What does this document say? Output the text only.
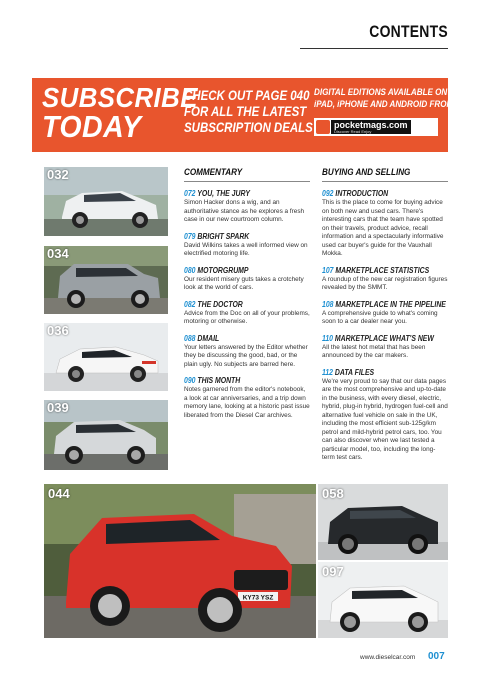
CONTENTS
SUBSCRIBE
TODAY
CHECK OUT PAGE 040
FOR ALL THE LATEST
SUBSCRIPTION DEALS
DIGITAL EDITIONS AVAILABLE ON
iPAD, iPHONE AND ANDROID FROM
pocketmags.com
Discover Read Enjoy
032
034
036
039
COMMENTARY
072 YOU, THE JURY
Simon Hacker dons a wig, and an authoritative stance as he explores a fresh case in our new courtroom column.
079 BRIGHT SPARK
David Wilkins takes a well informed view on electrified motoring life.
080 MOTORGRUMP
Our resident misery guts takes a crotchety look at the world of cars.
082 THE DOCTOR
Advice from the Doc on all of your problems, motoring or otherwise.
088 DMAIL
Your letters answered by the Editor whether they be discussing the good, bad, or the plain ugly. No subjects are barred here.
090 THIS MONTH
Notes garnered from the editor's notebook, a look at car anniversaries, and a trip down memory lane, looking at a historic past issue liberated from the Diesel Car archives.
BUYING AND SELLING
092 INTRODUCTION
This is the place to come for buying advice on both new and used cars. There's interesting cars that the team have spotted on their travels, product advice, recall information and a spectacularly informative used car buyer's guide for the Vauxhall Mokka.
107 MARKETPLACE STATISTICS
A roundup of the new car registration figures revealed by the SMMT.
108 MARKETPLACE IN THE PIPELINE
A comprehensive guide to what's coming soon to a car dealer near you.
110 MARKETPLACE WHAT'S NEW
All the latest hot metal that has been announced by the car makers.
112 DATA FILES
We're very proud to say that our data pages are the most comprehensive and up-to-date in the business, with every diesel, electric, hybrid, plug-in hybrid, hydrogen fuel-cell and alternative fuel vehicle on sale in the UK, including the most efficient sub-125g/km petrol and mild-hybrid petrol cars, too. You can also discover when we last tested a particular model, too, including the long-term test cars.
KY73 YSZ
044	058
097
www.dieselcar.com 007
